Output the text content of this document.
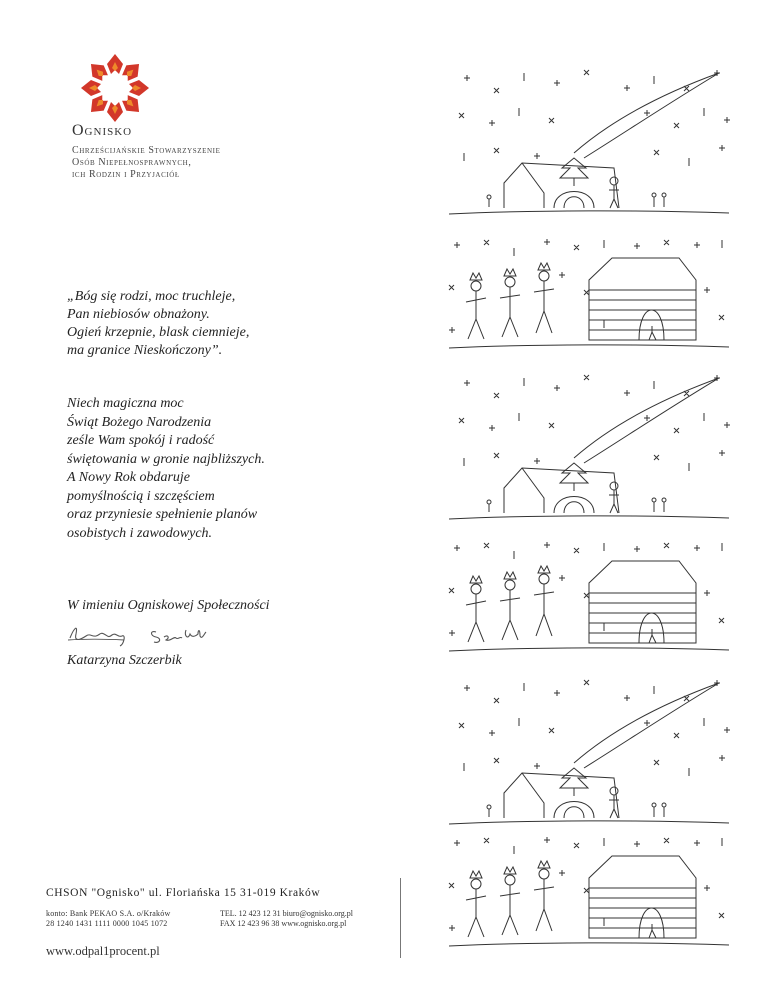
Ognisko
Chrześcijańskie Stowarzyszenie
Osób Niepełnosprawnych,
ich Rodzin i Przyjaciół
„Bóg się rodzi, moc truchleje,
Pan niebiosów obnażony.
Ogień krzepnie, blask ciemnieje,
ma granice Nieskończony”.
Niech magiczna moc
Świąt Bożego Narodzenia
ześle Wam spokój i radość
świętowania w gronie najbliższych.
A Nowy Rok obdaruje
pomyślnością i szczęściem
oraz przyniesie spełnienie planów
osobistych i zawodowych.
W imieniu Ogniskowej Społeczności
Katarzyna Szczerbik
CHSON "Ognisko" ul. Floriańska 15 31-019 Kraków
konto: Bank PEKAO S.A. o/Kraków
28 1240 1431 1111 0000 1045 1072
TEL. 12 423 12 31 biuro@ognisko.org.pl
FAX 12 423 96 38 www.ognisko.org.pl
www.odpal1procent.pl
